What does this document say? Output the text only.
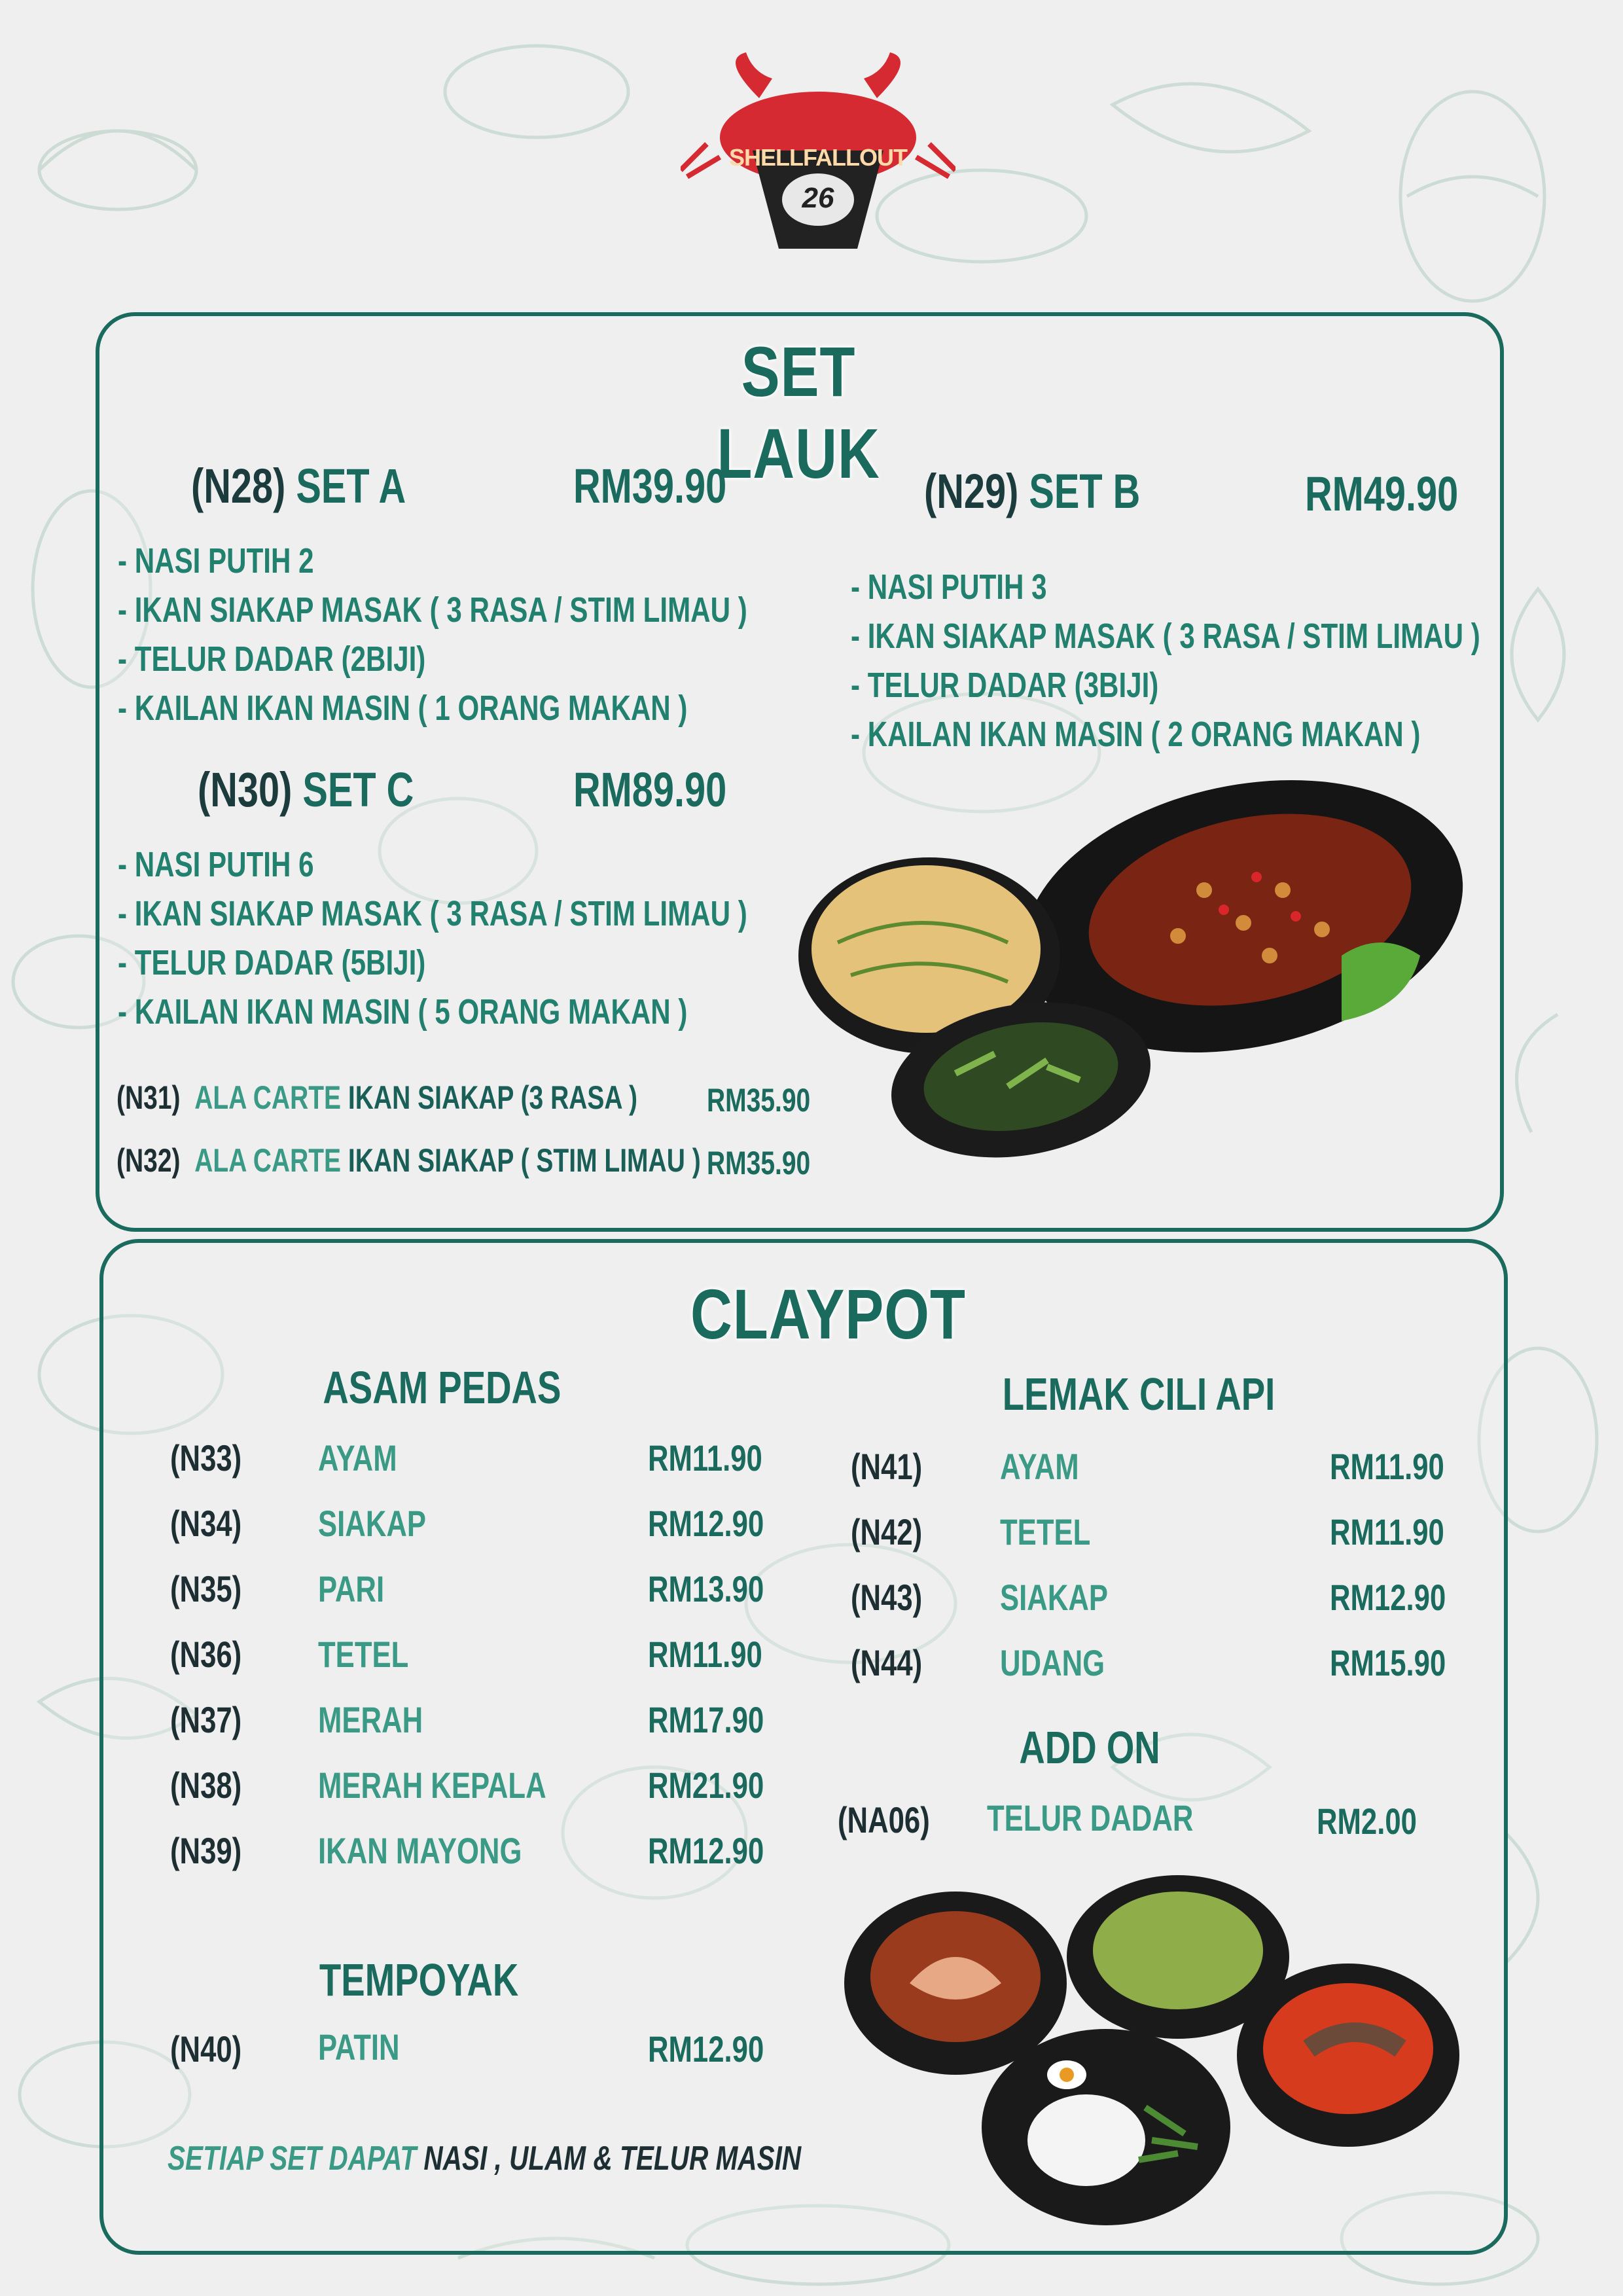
SHELLFALLOUT
26
SET LAUK
(N28) SET A	RM39.90
- NASI PUTIH 2
- IKAN SIAKAP MASAK ( 3 RASA / STIM LIMAU )
- TELUR DADAR (2BIJI)
- KAILAN IKAN MASIN ( 1 ORANG MAKAN )
(N29) SET B	RM49.90
- NASI PUTIH 3
- IKAN SIAKAP MASAK ( 3 RASA / STIM LIMAU )
- TELUR DADAR (3BIJI)
- KAILAN IKAN MASIN ( 2 ORANG MAKAN )
(N30) SET C	RM89.90
- NASI PUTIH 6
- IKAN SIAKAP MASAK ( 3 RASA / STIM LIMAU )
- TELUR DADAR (5BIJI)
- KAILAN IKAN MASIN ( 5 ORANG MAKAN )
(N31) ALA CARTE IKAN SIAKAP (3 RASA )	RM35.90
(N32) ALA CARTE IKAN SIAKAP ( STIM LIMAU ) RM35.90
CLAYPOT
ASAM PEDAS
(N33)	AYAM	RM11.90
(N34)	SIAKAP	RM12.90
(N35)	PARI	RM13.90
(N36)	TETEL	RM11.90
(N37)	MERAH	RM17.90
(N38)	MERAH KEPALA	RM21.90
(N39)	IKAN MAYONG	RM12.90
TEMPOYAK
(N40)	PATIN	RM12.90
LEMAK CILI API
(N41)	AYAM	RM11.90
(N42)	TETEL	RM11.90
(N43)	SIAKAP	RM12.90
(N44)	UDANG	RM15.90
ADD ON
(NA06)	TELUR DADAR	RM2.00
SETIAP SET DAPAT NASI , ULAM & TELUR MASIN
